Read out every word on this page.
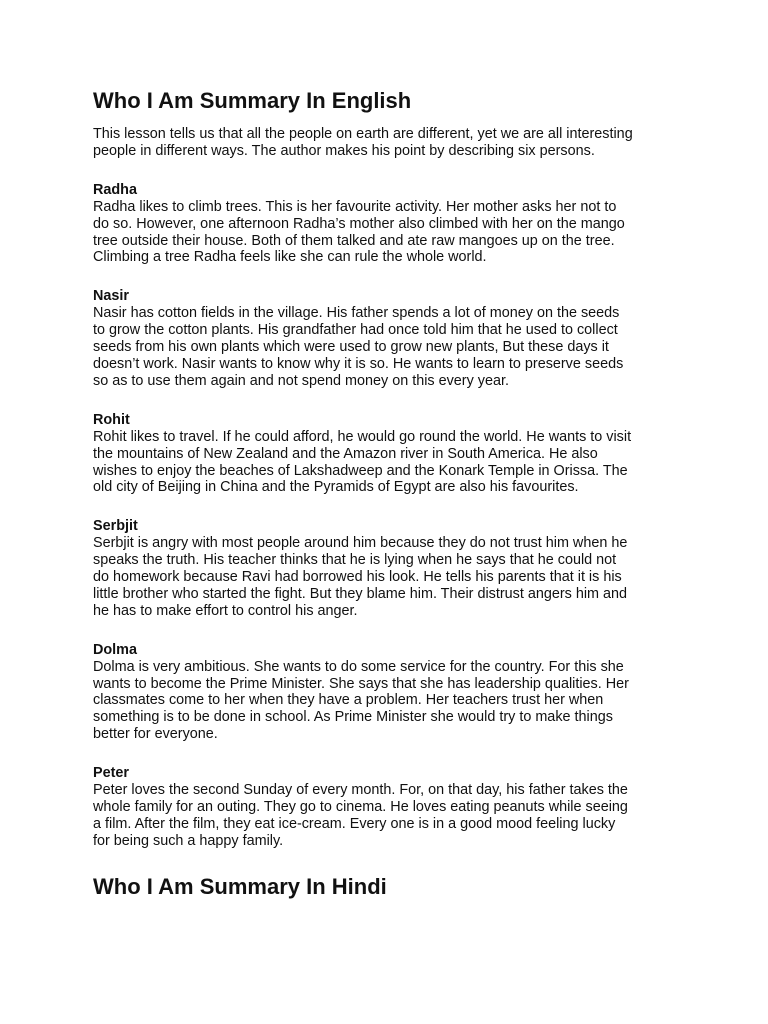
Who I Am Summary In English

This lesson tells us that all the people on earth are different, yet we are all interesting
people in different ways. The author makes his point by describing six persons.

Radha

Radha likes to climb trees. This is her favourite activity. Her mother asks her not to
do so. However, one afternoon Radha’s mother also climbed with her on the mango
tree outside their house. Both of them talked and ate raw mangoes up on the tree.
Climbing a tree Radha feels like she can rule the whole world.

Nasir

Nasir has cotton fields in the village. His father spends a lot of money on the seeds
to grow the cotton plants. His grandfather had once told him that he used to collect
seeds from his own plants which were used to grow new plants, But these days it
doesn’t work. Nasir wants to know why it is so. He wants to learn to preserve seeds
so as to use them again and not spend money on this every year.

Rohit

Rohit likes to travel. If he could afford, he would go round the world. He wants to visit
the mountains of New Zealand and the Amazon river in South America. He also
wishes to enjoy the beaches of Lakshadweep and the Konark Temple in Orissa. The
old city of Beijing in China and the Pyramids of Egypt are also his favourites.

Serbjit

Serbjit is angry with most people around him because they do not trust him when he
speaks the truth. His teacher thinks that he is lying when he says that he could not
do homework because Ravi had borrowed his look. He tells his parents that it is his
little brother who started the fight. But they blame him. Their distrust angers him and
he has to make effort to control his anger.

Dolma

Dolma is very ambitious. She wants to do some service for the country. For this she
wants to become the Prime Minister. She says that she has leadership qualities. Her
classmates come to her when they have a problem. Her teachers trust her when
something is to be done in school. As Prime Minister she would try to make things
better for everyone.

Peter

Peter loves the second Sunday of every month. For, on that day, his father takes the
whole family for an outing. They go to cinema. He loves eating peanuts while seeing
a film. After the film, they eat ice-cream. Every one is in a good mood feeling lucky
for being such a happy family.

Who I Am Summary In Hindi
